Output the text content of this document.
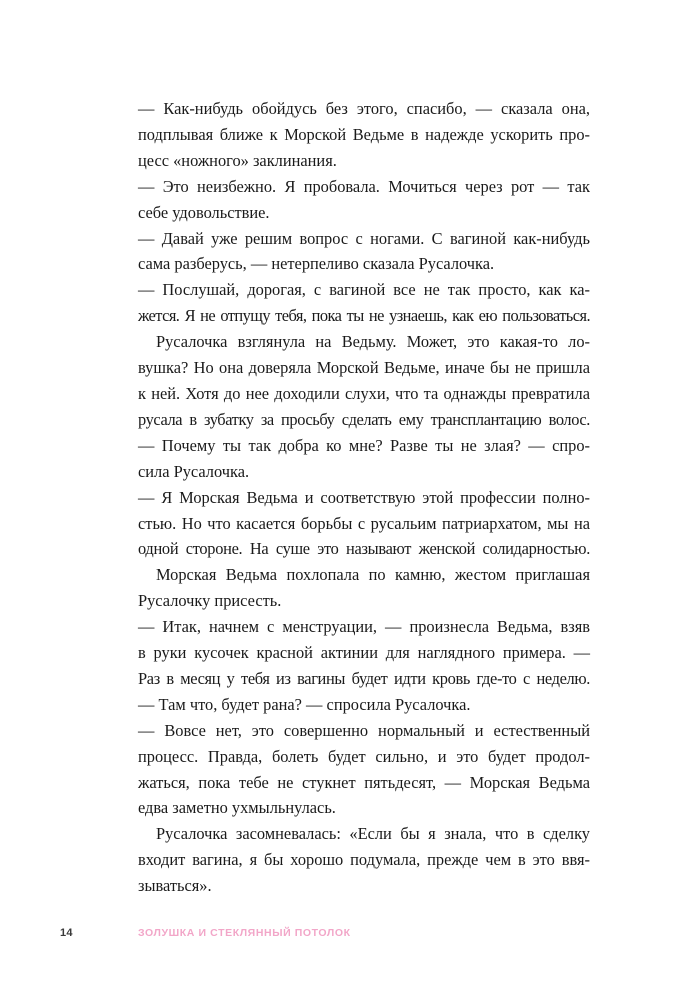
— Как-нибудь обойдусь без этого, спасибо, — сказала она,
подплывая ближе к Морской Ведьме в надежде ускорить про-
цесс «ножного» заклинания.
— Это неизбежно. Я пробовала. Мочиться через рот — так
себе удовольствие.
— Давай уже решим вопрос с ногами. С вагиной как-нибудь
сама разберусь, — нетерпеливо сказала Русалочка.
— Послушай, дорогая, с вагиной все не так просто, как ка-
жется. Я не отпущу тебя, пока ты не узнаешь, как ею пользоваться.
Русалочка взглянула на Ведьму. Может, это какая-то ло-
вушка? Но она доверяла Морской Ведьме, иначе бы не пришла
к ней. Хотя до нее доходили слухи, что та однажды превратила
русала в зубатку за просьбу сделать ему трансплантацию волос.
— Почему ты так добра ко мне? Разве ты не злая? — спро-
сила Русалочка.
— Я Морская Ведьма и соответствую этой профессии полно-
стью. Но что касается борьбы с русальим патриархатом, мы на
одной стороне. На суше это называют женской солидарностью.
Морская Ведьма похлопала по камню, жестом приглашая
Русалочку присесть.
— Итак, начнем с менструации, — произнесла Ведьма, взяв
в руки кусочек красной актинии для наглядного примера. —
Раз в месяц у тебя из вагины будет идти кровь где-то с неделю.
— Там что, будет рана? — спросила Русалочка.
— Вовсе нет, это совершенно нормальный и естественный
процесс. Правда, болеть будет сильно, и это будет продол-
жаться, пока тебе не стукнет пятьдесят, — Морская Ведьма
едва заметно ухмыльнулась.
Русалочка засомневалась: «Если бы я знала, что в сделку
входит вагина, я бы хорошо подумала, прежде чем в это ввя-
зываться».
14	ЗОЛУШКА И СТЕКЛЯННЫЙ ПОТОЛОК
